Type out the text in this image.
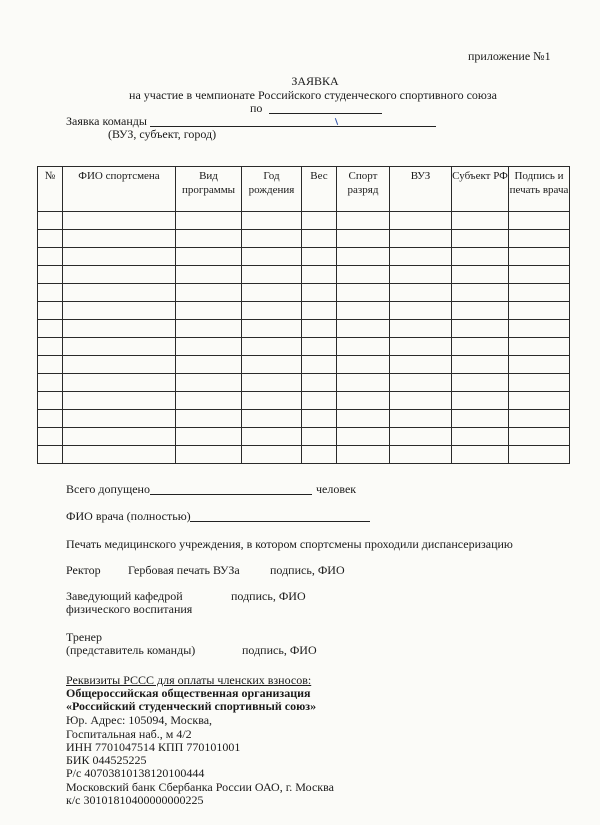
приложение №1
ЗАЯВКА
на участие в чемпионате Российского студенческого спортивного союза
по
Заявка команды
(ВУЗ, субъект, город)
№	ФИО спортсмена	Вид программы	Год рождения	Вес	Спорт разряд	ВУЗ	Субъект РФ	Подпись и печать врача

Всего допущено	человек
ФИО врача (полностью)
Печать медицинского учреждения, в котором спортсмены проходили диспансеризацию
Ректор Гербовая печать ВУЗа	подпись, ФИО
Заведующий кафедрой	подпись, ФИО
физического воспитания
Тренер
(представитель команды)	подпись, ФИО
Реквизиты РССС для оплаты членских взносов:
Общероссийская общественная организация
«Российский студенческий спортивный союз»
Юр. Адрес: 105094, Москва,
Госпитальная наб., м 4/2
ИНН 7701047514 КПП 770101001
БИК 044525225
Р/с 40703810138120100444
Московский банк Сбербанка России ОАО, г. Москва
к/с 30101810400000000225
